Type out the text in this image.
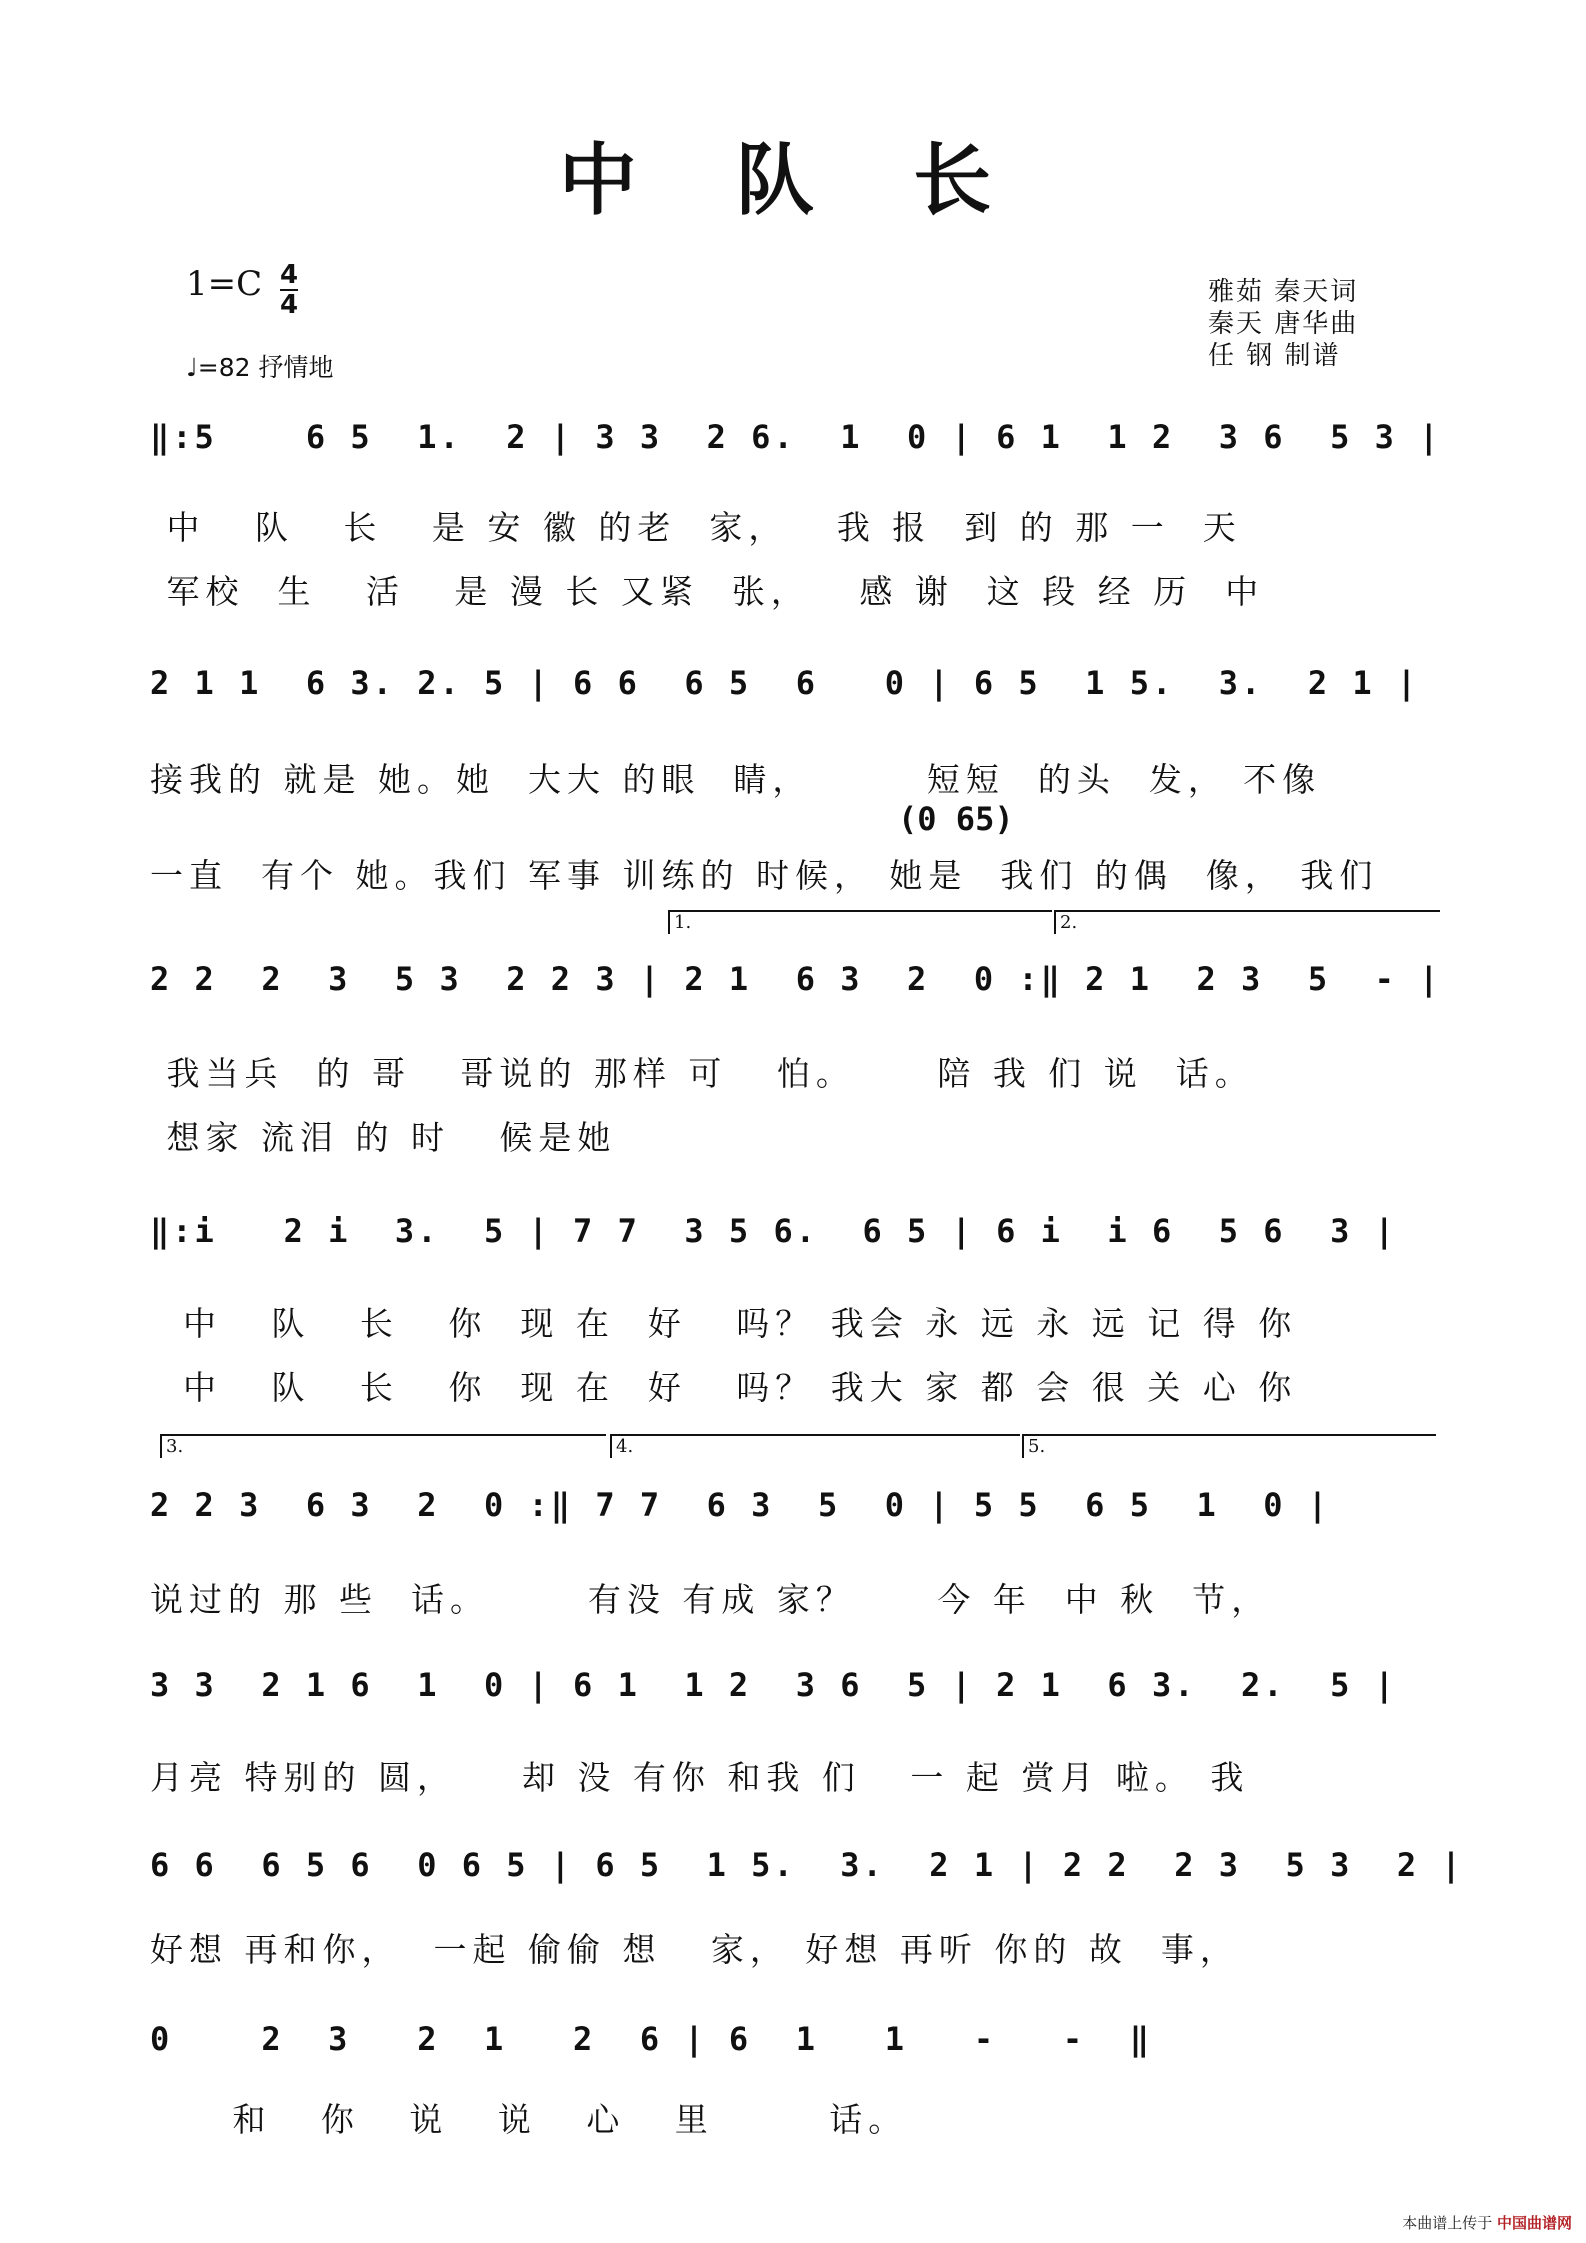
中 队 长
1=C 4
4
♩=82 抒情地
雅茹 秦天词
秦天 唐华曲
任 钢 制谱
‖:5    6 5  1.  2 | 3 3  2 6.  1  0 | 6 1  1 2  3 6  5 3 |
中   队   长   是 安 徽 的老  家，   我 报  到 的 那 一  天
军校  生   活   是 漫 长 又紧  张，   感 谢  这 段 经 历  中
2 1 1  6 3. 2. 5 | 6 6  6 5  6   0 | 6 5  1 5.  3.  2 1 |
接我的 就是 她。她  大大 的眼  睛，       短短  的头  发， 不像
(0 65)
一直  有个 她。我们 军事 训练的 时候， 她是  我们 的偶  像， 我们
1.	2.
2 2  2  3  5 3  2 2 3 | 2 1  6 3  2  0 :‖ 2 1  2 3  5  - |
我当兵  的 哥   哥说的 那样 可   怕。     陪 我 们 说  话。
想家 流泪 的 时   候是她
‖:i   2 i  3.  5 | 7 7  3 5 6.  6 5 | 6 i  i 6  5 6  3 |
中   队   长   你  现 在  好   吗？ 我会 永 远 永 远 记 得 你
中   队   长   你  现 在  好   吗？ 我大 家 都 会 很 关 心 你
3.	4.	5.
2 2 3  6 3  2  0 :‖ 7 7  6 3  5  0 | 5 5  6 5  1  0 |
说过的 那 些  话。      有没 有成 家？     今 年  中 秋  节，
3 3  2 1 6  1  0 | 6 1  1 2  3 6  5 | 2 1  6 3.  2.  5 |
月亮 特别的 圆，    却 没 有你 和我 们   一 起 赏月 啦。 我
6 6  6 5 6  0 6 5 | 6 5  1 5.  3.  2 1 | 2 2  2 3  5 3  2 |
好想 再和你，  一起 偷偷 想   家， 好想 再听 你的 故  事，
0    2  3   2  1   2  6 | 6  1   1   -   -  ‖
和   你   说   说   心   里       话。
本曲谱上传于 中国曲谱网
